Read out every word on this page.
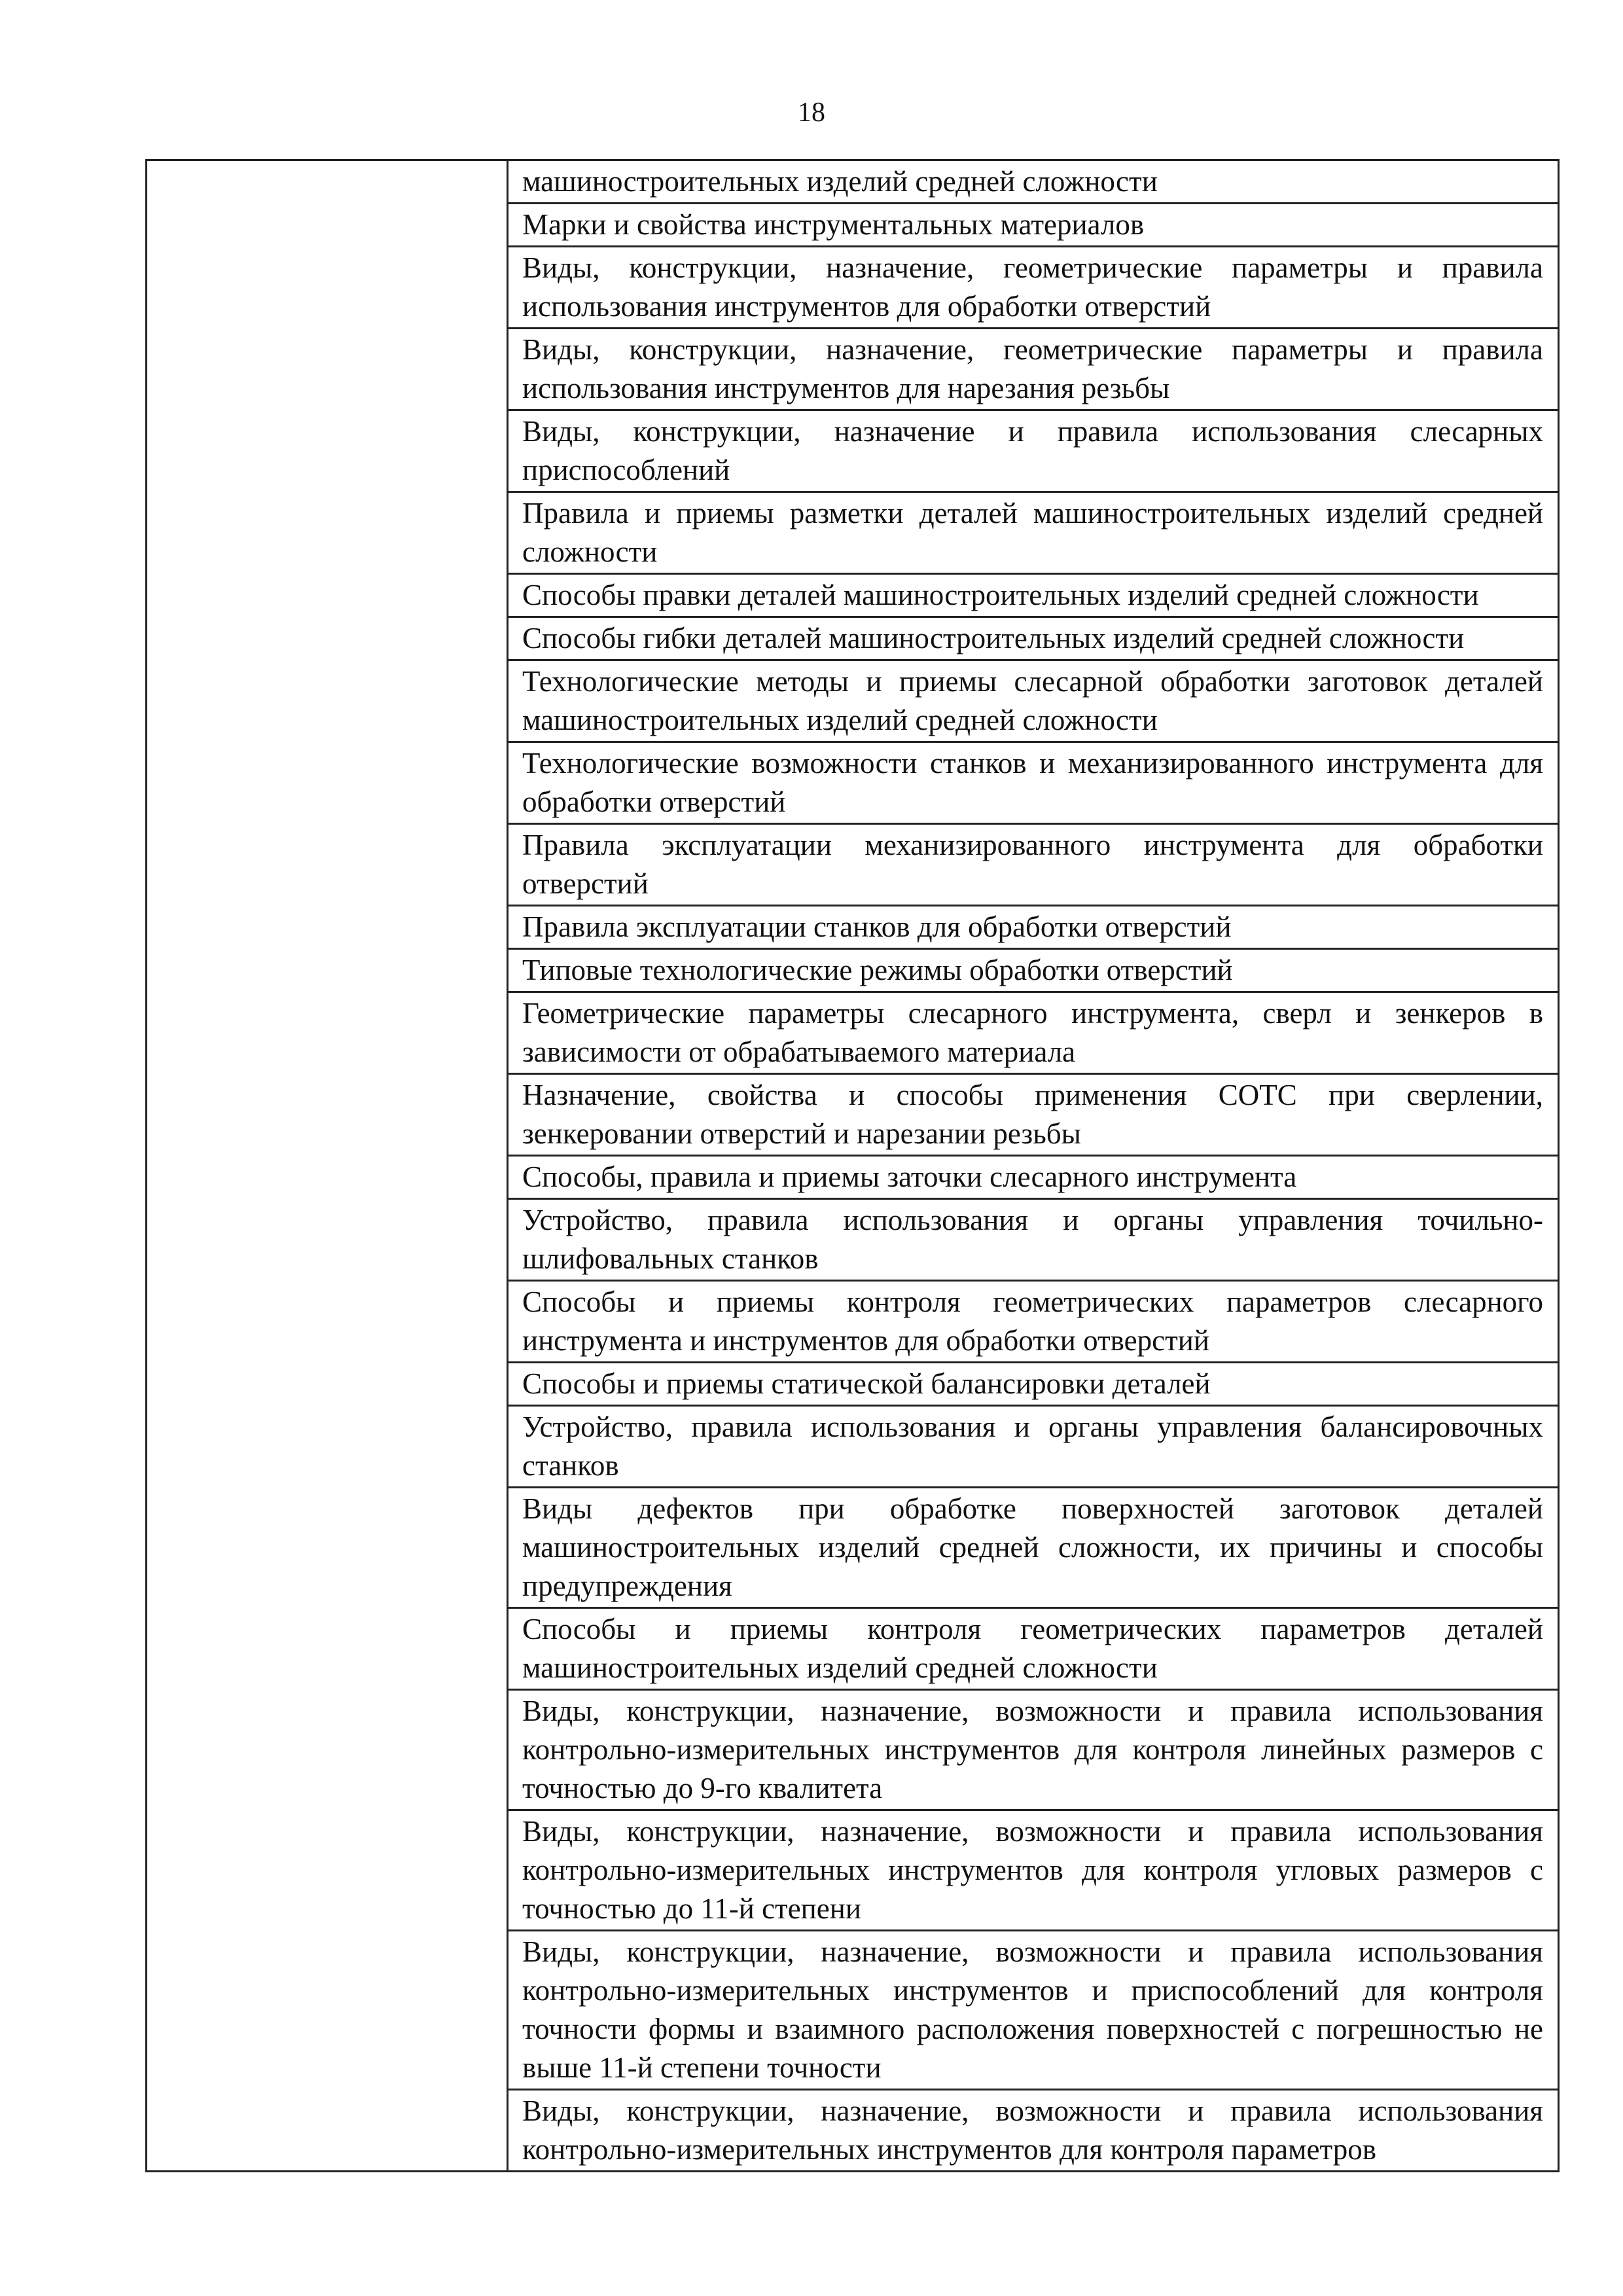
18

машиностроительных изделий средней сложности
Марки и свойства инструментальных материалов
Виды, конструкции, назначение, геометрические параметры и правила использования инструментов для обработки отверстий
Виды, конструкции, назначение, геометрические параметры и правила использования инструментов для нарезания резьбы
Виды, конструкции, назначение и правила использования слесарных приспособлений
Правила и приемы разметки деталей машиностроительных изделий средней сложности
Способы правки деталей машиностроительных изделий средней сложности
Способы гибки деталей машиностроительных изделий средней сложности
Технологические методы и приемы слесарной обработки заготовок деталей машиностроительных изделий средней сложности
Технологические возможности станков и механизированного инструмента для обработки отверстий
Правила эксплуатации механизированного инструмента для обработки отверстий
Правила эксплуатации станков для обработки отверстий
Типовые технологические режимы обработки отверстий
Геометрические параметры слесарного инструмента, сверл и зенкеров в зависимости от обрабатываемого материала
Назначение, свойства и способы применения СОТС при сверлении, зенкеровании отверстий и нарезании резьбы
Способы, правила и приемы заточки слесарного инструмента
Устройство, правила использования и органы управления точильно-шлифовальных станков
Способы и приемы контроля геометрических параметров слесарного инструмента и инструментов для обработки отверстий
Способы и приемы статической балансировки деталей
Устройство, правила использования и органы управления балансировочных станков
Виды дефектов при обработке поверхностей заготовок деталей машиностроительных изделий средней сложности, их причины и способы предупреждения
Способы и приемы контроля геометрических параметров деталей машиностроительных изделий средней сложности
Виды, конструкции, назначение, возможности и правила использования контрольно-измерительных инструментов для контроля линейных размеров с точностью до 9-го квалитета
Виды, конструкции, назначение, возможности и правила использования контрольно-измерительных инструментов для контроля угловых размеров с точностью до 11-й степени
Виды, конструкции, назначение, возможности и правила использования контрольно-измерительных инструментов и приспособлений для контроля точности формы и взаимного расположения поверхностей с погрешностью не выше 11-й степени точности
Виды, конструкции, назначение, возможности и правила использования контрольно-измерительных инструментов для контроля параметров
